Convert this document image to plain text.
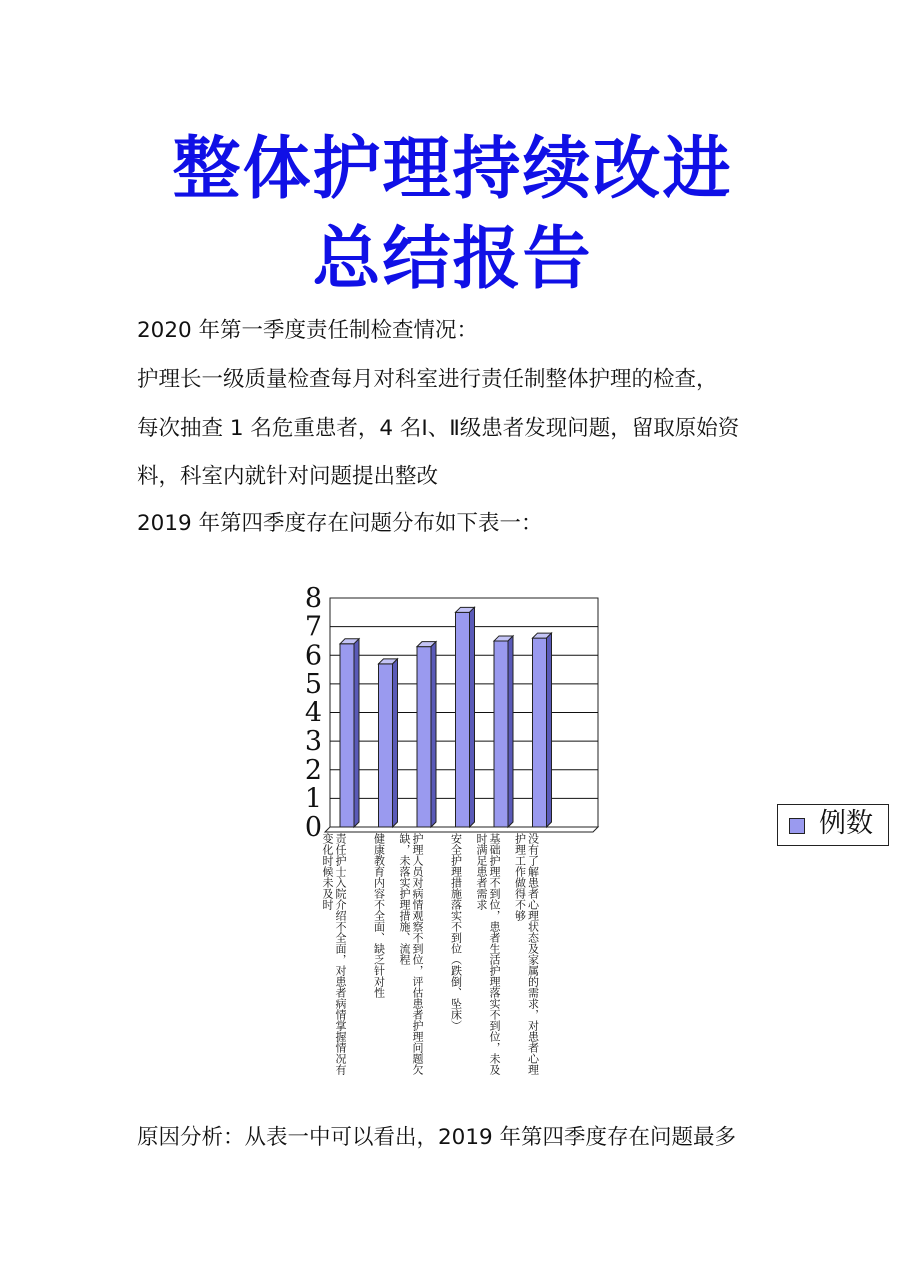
整体护理持续改进
总结报告
2020 年第一季度责任制检查情况：
护理长一级质量检查每月对科室进行责任制整体护理的检查，
每次抽查 1 名危重患者，4 名Ⅰ、Ⅱ级患者发现问题，留取原始资
料，科室内就针对问题提出整改
2019 年第四季度存在问题分布如下表一：
0
1
2
3
4
5
6
7
8
责任护士入院介绍不全面，对患者病情掌握情况有变化时候未及时	健康教育内容不全面、缺乏针对性 护理人员对病情观察不到位，评估患者护理问题欠缺，未落实护理措施、流程	安全护理措施落实不到位（跌倒、坠床） 基础护理不到位，患者生活护理落实不到位，未及时满足患者需求	没有了解患者心理状态及家属的需求，对患者心理护理工作做得不够
例数
原因分析：从表一中可以看出，2019 年第四季度存在问题最多
